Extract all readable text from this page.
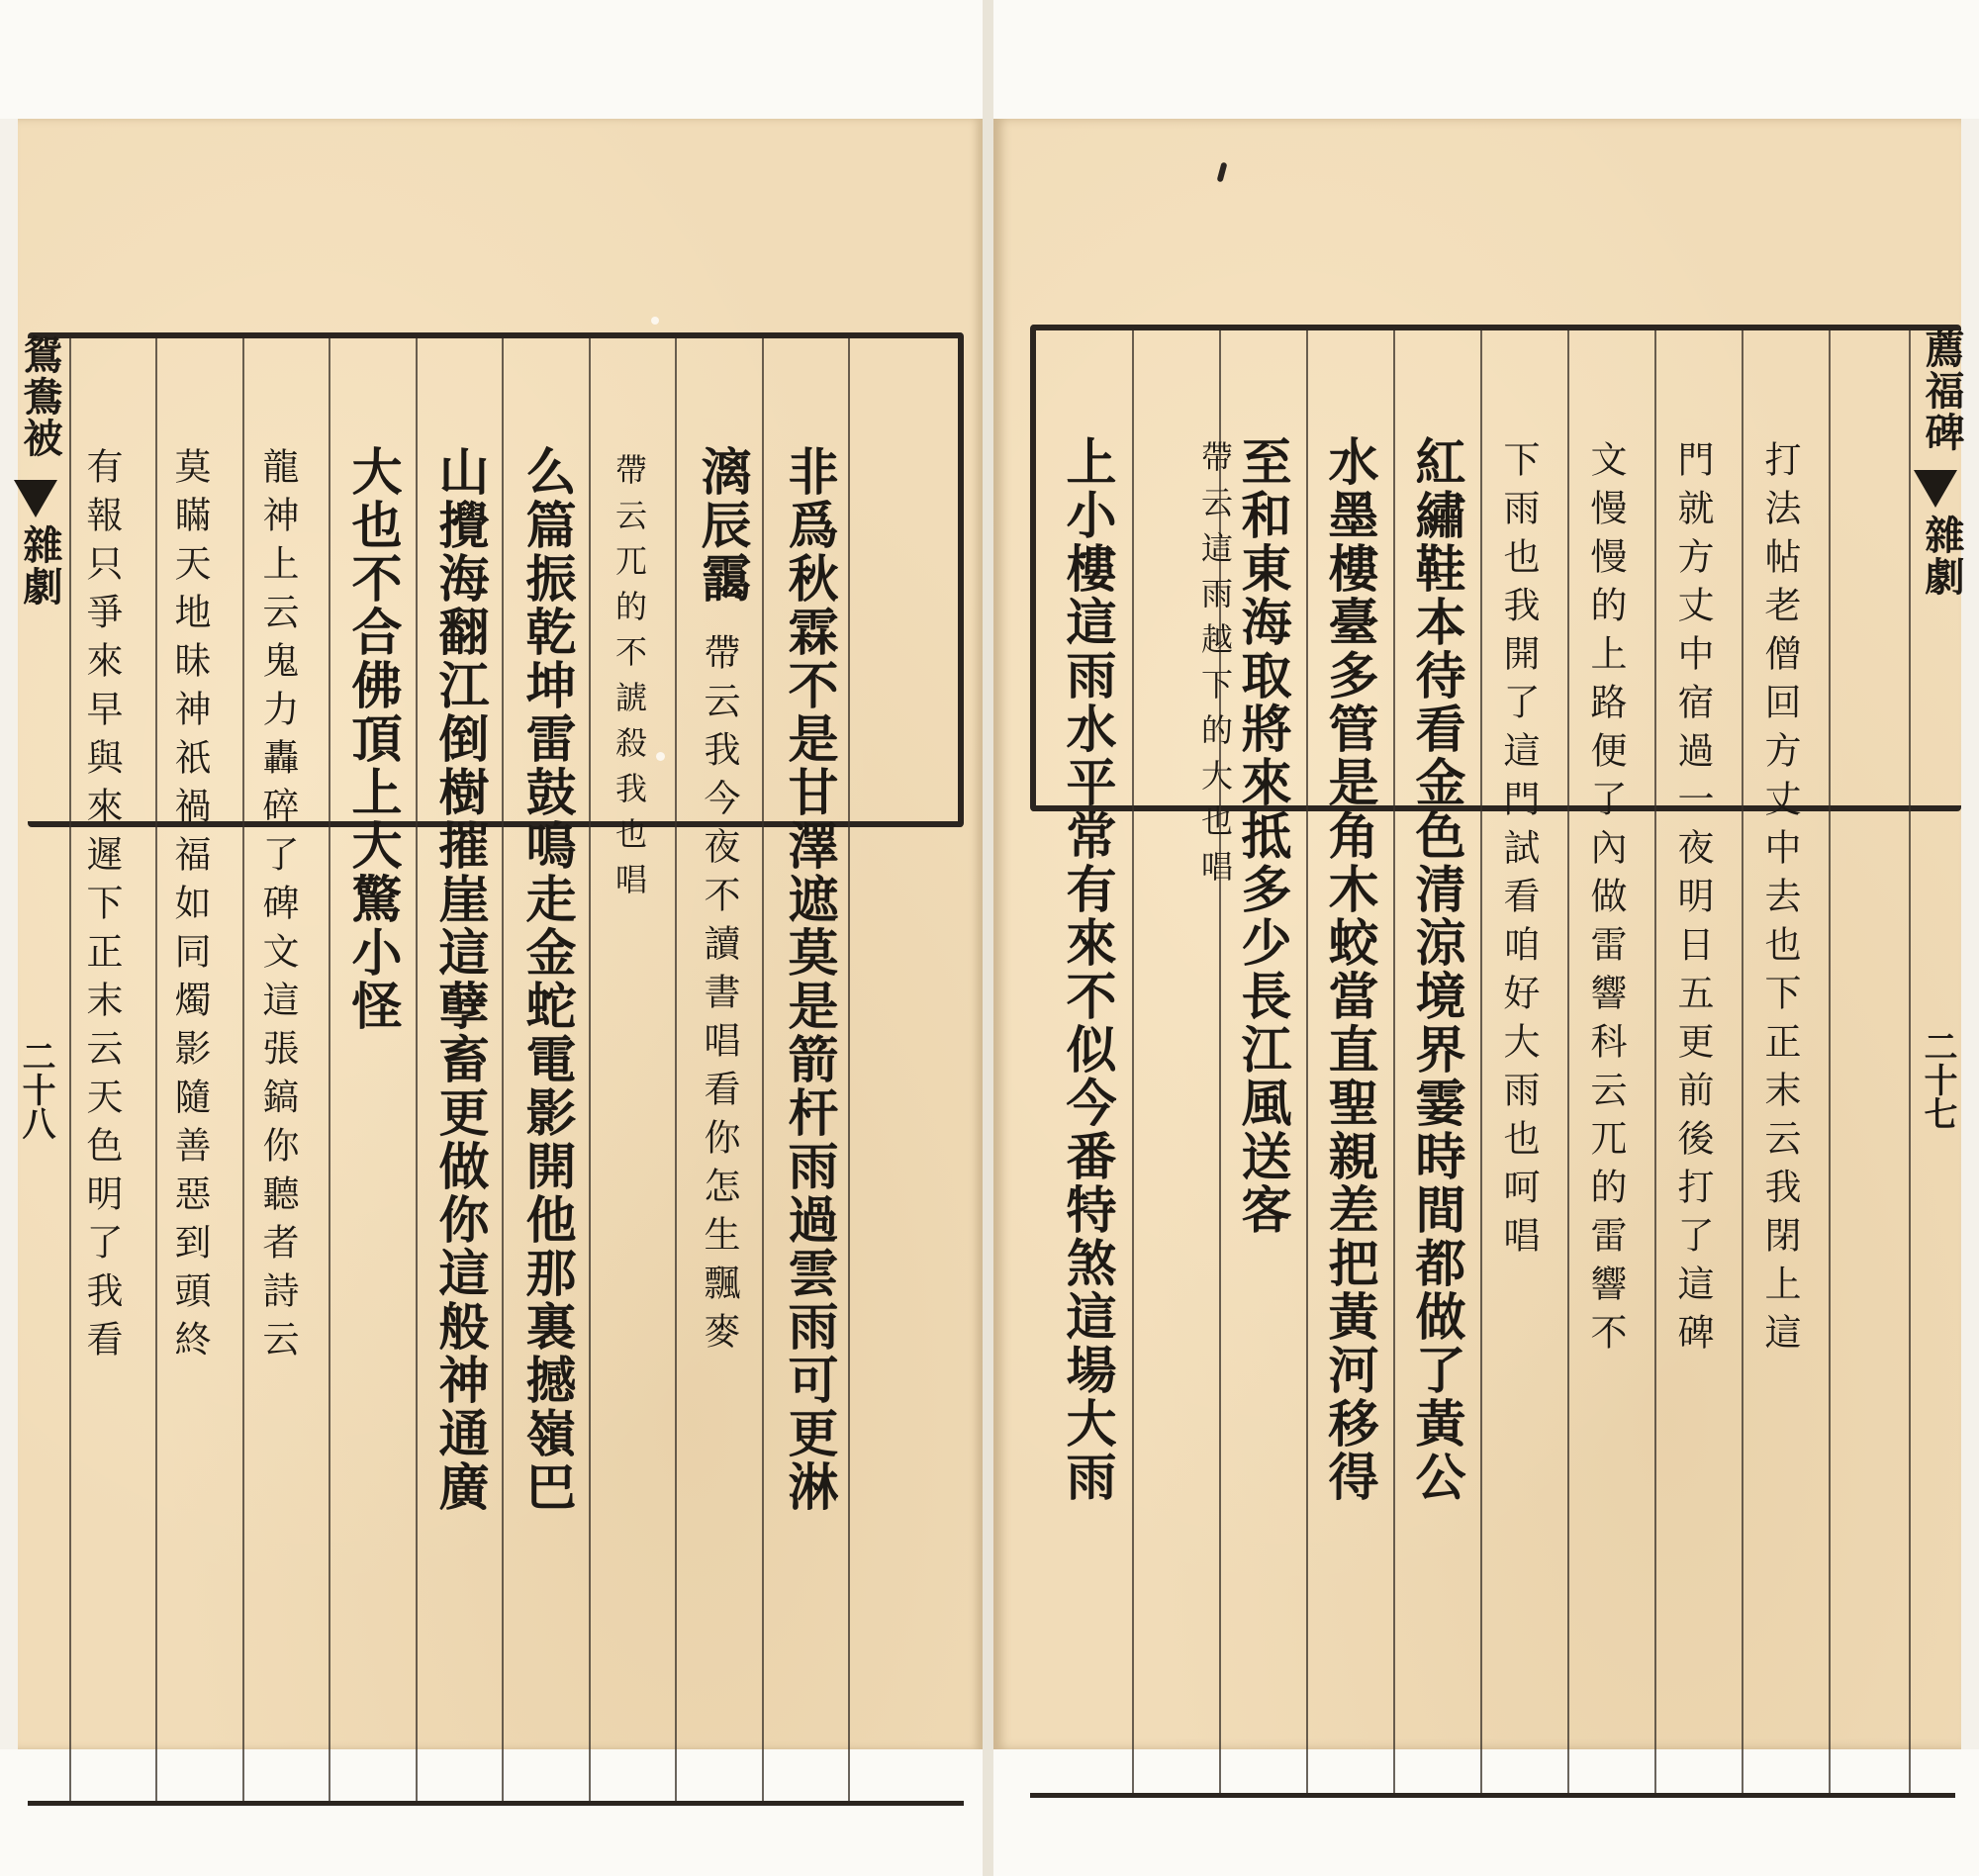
鴛鴦被
雜劇
二十八 有報只爭來早與來遲下正末云天色明了我看 莫瞞天地昧神祇禍福如同燭影隨善惡到頭終 龍神上云鬼力轟碎了碑文這張鎬你聽者詩云 大也不合佛頂上大驚小怪 山攪海翻江倒樹摧崖這孽畜更做你這般神通廣 么篇振乾坤雷鼓鳴走金蛇電影開他那裏撼嶺巴 帶云兀的不諕殺我也唱 漓辰靄
帶云我今夜不讀書唱看你怎生飄麥 非爲秋霖不是甘澤遮莫是箭杆雨過雲雨可更淋	上小樓這雨水平常有來不似今番特煞這場大雨	帶云這雨越下的大也唱
至和東海取將來抵多少長江風送客 水墨樓臺多管是角木蛟當直聖親差把黃河移得 紅繡鞋本待看金色清涼境界霎時間都做了黃公 下雨也我開了這門試看咱好大雨也呵唱 文慢慢的上路便了內做雷響科云兀的雷響不 門就方丈中宿過一夜明日五更前後打了這碑 打法帖老僧回方丈中去也下正末云我閉上這
薦福碑
雜劇
二十七
